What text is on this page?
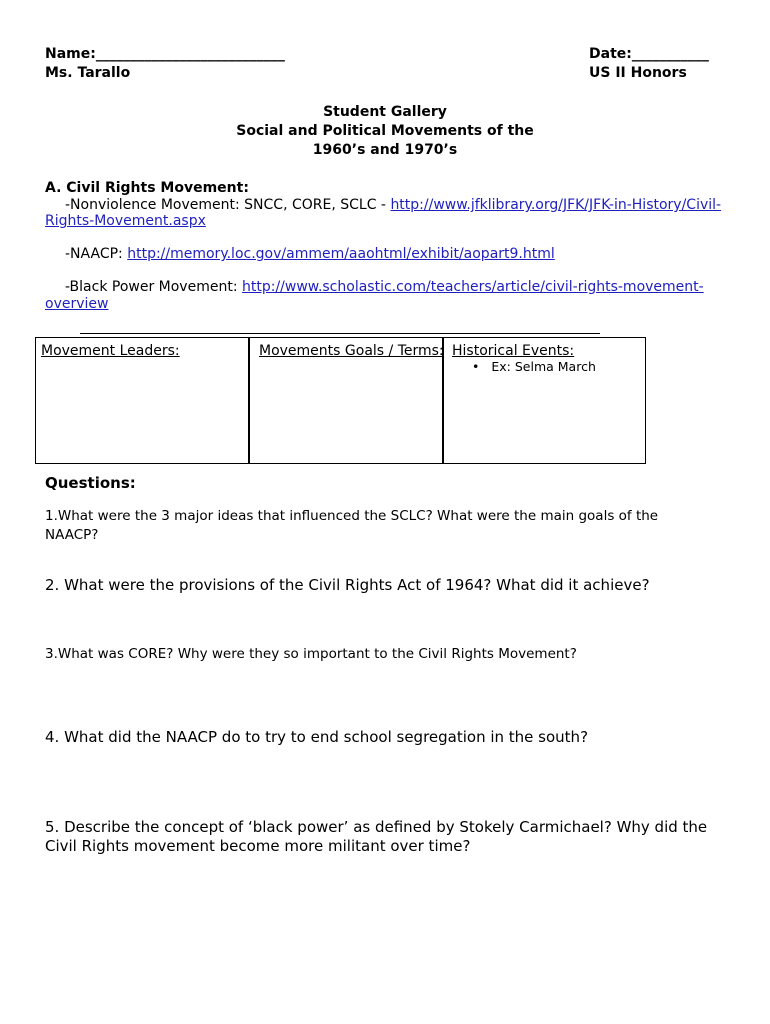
Name:___________________________
Ms. Tarallo
Date:___________
US II Honors
Student Gallery
Social and Political Movements of the
1960’s and 1970’s
A. Civil Rights Movement:
-Nonviolence Movement: SNCC, CORE, SCLC - http://www.jfklibrary.org/JFK/JFK-in-History/Civil-
Rights-Movement.aspx
-NAACP: http://memory.loc.gov/ammem/aaohtml/exhibit/aopart9.html
-Black Power Movement: http://www.scholastic.com/teachers/article/civil-rights-movement-
overview
Movement Leaders:	Movements Goals / Terms: Historical Events:
• Ex: Selma March
Questions:
1.What were the 3 major ideas that influenced the SCLC? What were the main goals of the
NAACP?
2. What were the provisions of the Civil Rights Act of 1964? What did it achieve?
3.What was CORE? Why were they so important to the Civil Rights Movement?
4. What did the NAACP do to try to end school segregation in the south?
5. Describe the concept of ‘black power’ as defined by Stokely Carmichael? Why did the
Civil Rights movement become more militant over time?
